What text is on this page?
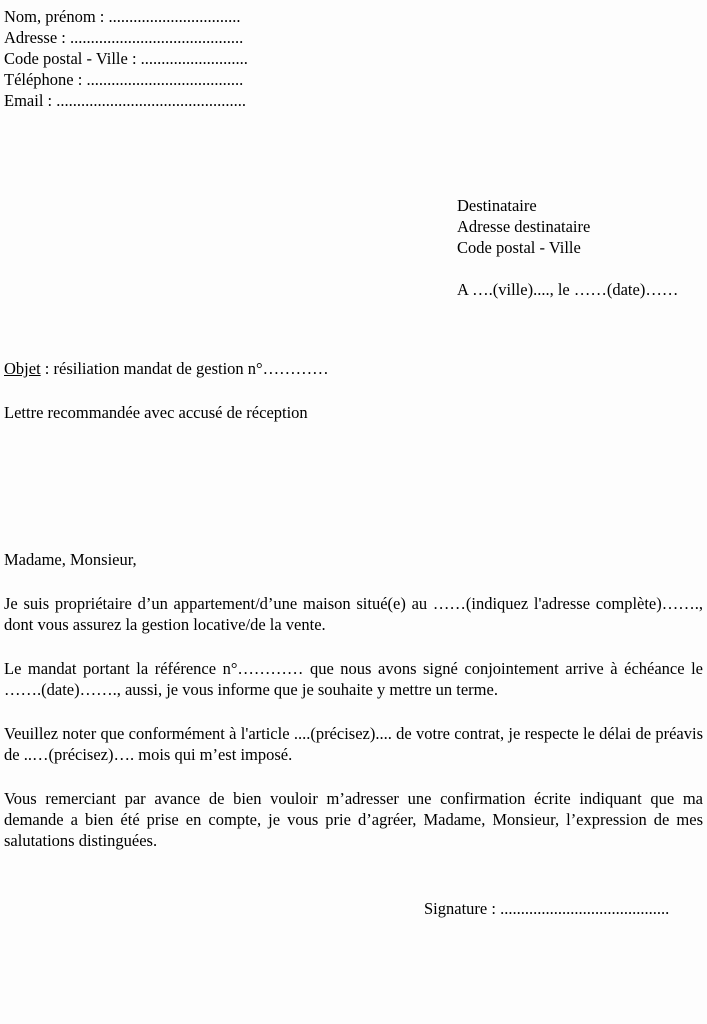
Nom, prénom : ................................
Adresse : ..........................................
Code postal - Ville : ..........................
Téléphone : ......................................
Email : ..............................................
Destinataire
Adresse destinataire
Code postal - Ville
A ….(ville)...., le ……(date)……
Objet : résiliation mandat de gestion n°…………
Lettre recommandée avec accusé de réception
Madame, Monsieur,

Je suis propriétaire d’un appartement/d’une maison situé(e) au ……(indiquez l'adresse complète)……., dont vous assurez la gestion locative/de la vente.

Le mandat portant la référence n°………… que nous avons signé conjointement arrive à échéance le …….(date)……., aussi, je vous informe que je souhaite y mettre un terme.

Veuillez noter que conformément à l'article ....(précisez).... de votre contrat, je respecte le délai de préavis de ..…(précisez)…. mois qui m’est imposé.

Vous remerciant par avance de bien vouloir m’adresser une confirmation écrite indiquant que ma demande a bien été prise en compte, je vous prie d’agréer, Madame, Monsieur, l’expression de mes salutations distinguées.

Signature : .........................................
